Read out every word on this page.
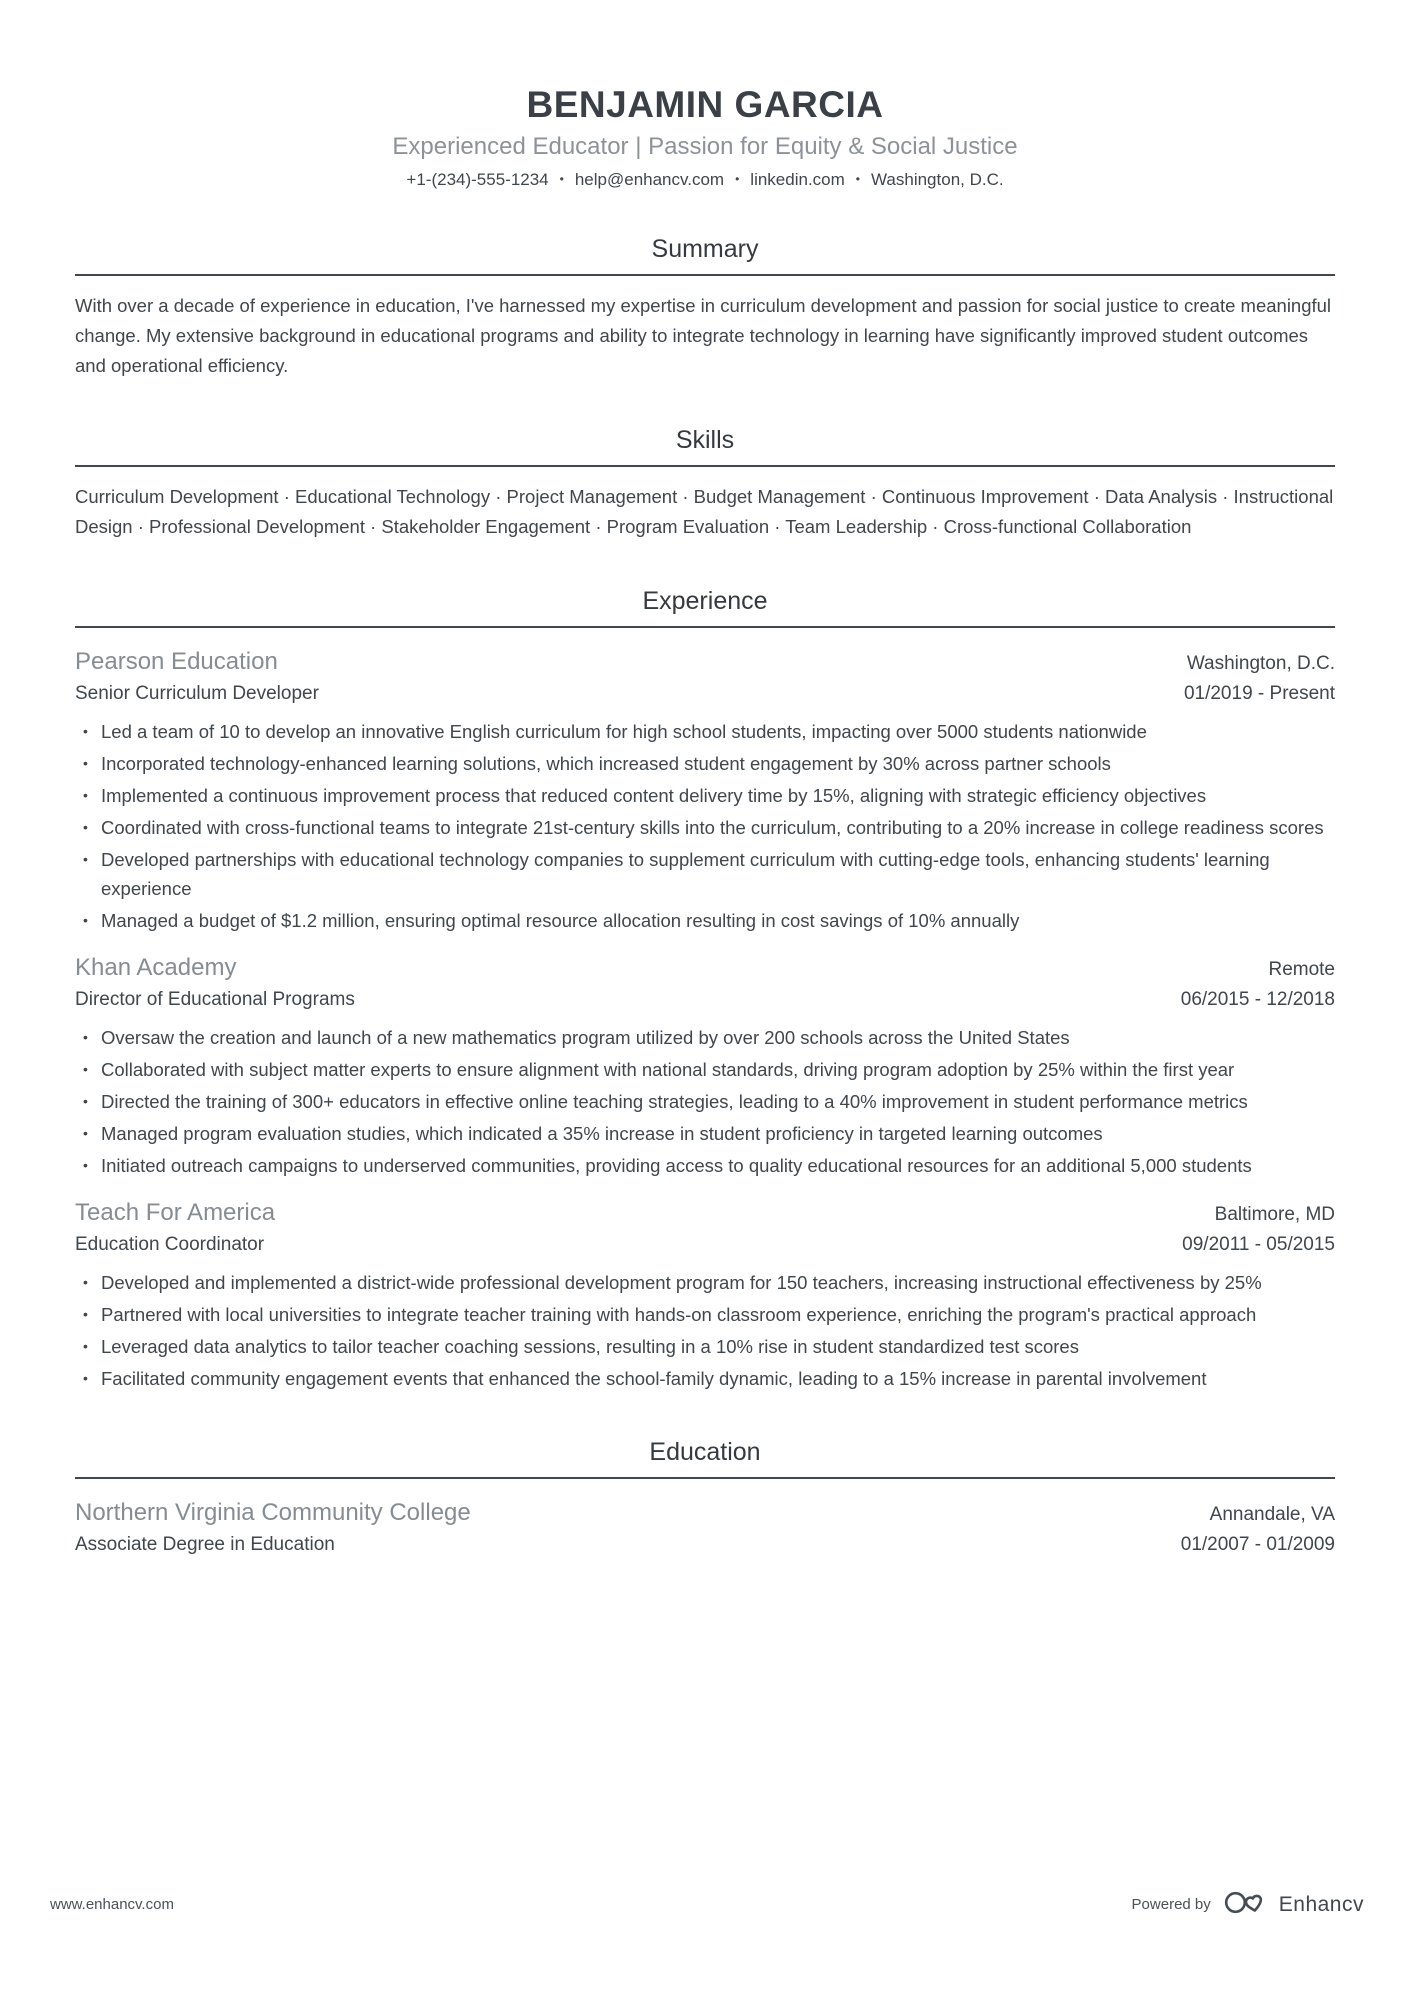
BENJAMIN GARCIA
Experienced Educator | Passion for Equity & Social Justice
+1-(234)-555-1234 • help@enhancv.com • linkedin.com • Washington, D.C.
Summary

With over a decade of experience in education, I've harnessed my expertise in curriculum development and passion for social justice to create meaningful change. My extensive background in educational programs and ability to integrate technology in learning have significantly improved student outcomes and operational efficiency.

Skills

Curriculum Development · Educational Technology · Project Management · Budget Management · Continuous Improvement · Data Analysis · Instructional Design · Professional Development · Stakeholder Engagement · Program Evaluation · Team Leadership · Cross-functional Collaboration

Experience
Pearson Education	Washington, D.C.
Senior Curriculum Developer	01/2019 - Present
• Led a team of 10 to develop an innovative English curriculum for high school students, impacting over 5000 students nationwide
• Incorporated technology-enhanced learning solutions, which increased student engagement by 30% across partner schools
• Implemented a continuous improvement process that reduced content delivery time by 15%, aligning with strategic efficiency objectives
• Coordinated with cross-functional teams to integrate 21st-century skills into the curriculum, contributing to a 20% increase in college readiness scores
• Developed partnerships with educational technology companies to supplement curriculum with cutting-edge tools, enhancing students' learning experience
• Managed a budget of $1.2 million, ensuring optimal resource allocation resulting in cost savings of 10% annually
Khan Academy	Remote
Director of Educational Programs	06/2015 - 12/2018
• Oversaw the creation and launch of a new mathematics program utilized by over 200 schools across the United States
• Collaborated with subject matter experts to ensure alignment with national standards, driving program adoption by 25% within the first year
• Directed the training of 300+ educators in effective online teaching strategies, leading to a 40% improvement in student performance metrics
• Managed program evaluation studies, which indicated a 35% increase in student proficiency in targeted learning outcomes
• Initiated outreach campaigns to underserved communities, providing access to quality educational resources for an additional 5,000 students
Teach For America	Baltimore, MD
Education Coordinator	09/2011 - 05/2015
• Developed and implemented a district-wide professional development program for 150 teachers, increasing instructional effectiveness by 25%
• Partnered with local universities to integrate teacher training with hands-on classroom experience, enriching the program's practical approach
• Leveraged data analytics to tailor teacher coaching sessions, resulting in a 10% rise in student standardized test scores
• Facilitated community engagement events that enhanced the school-family dynamic, leading to a 15% increase in parental involvement
Education
Northern Virginia Community College	Annandale, VA
Associate Degree in Education	01/2007 - 01/2009
www.enhancv.com	Powered by	Enhancv
